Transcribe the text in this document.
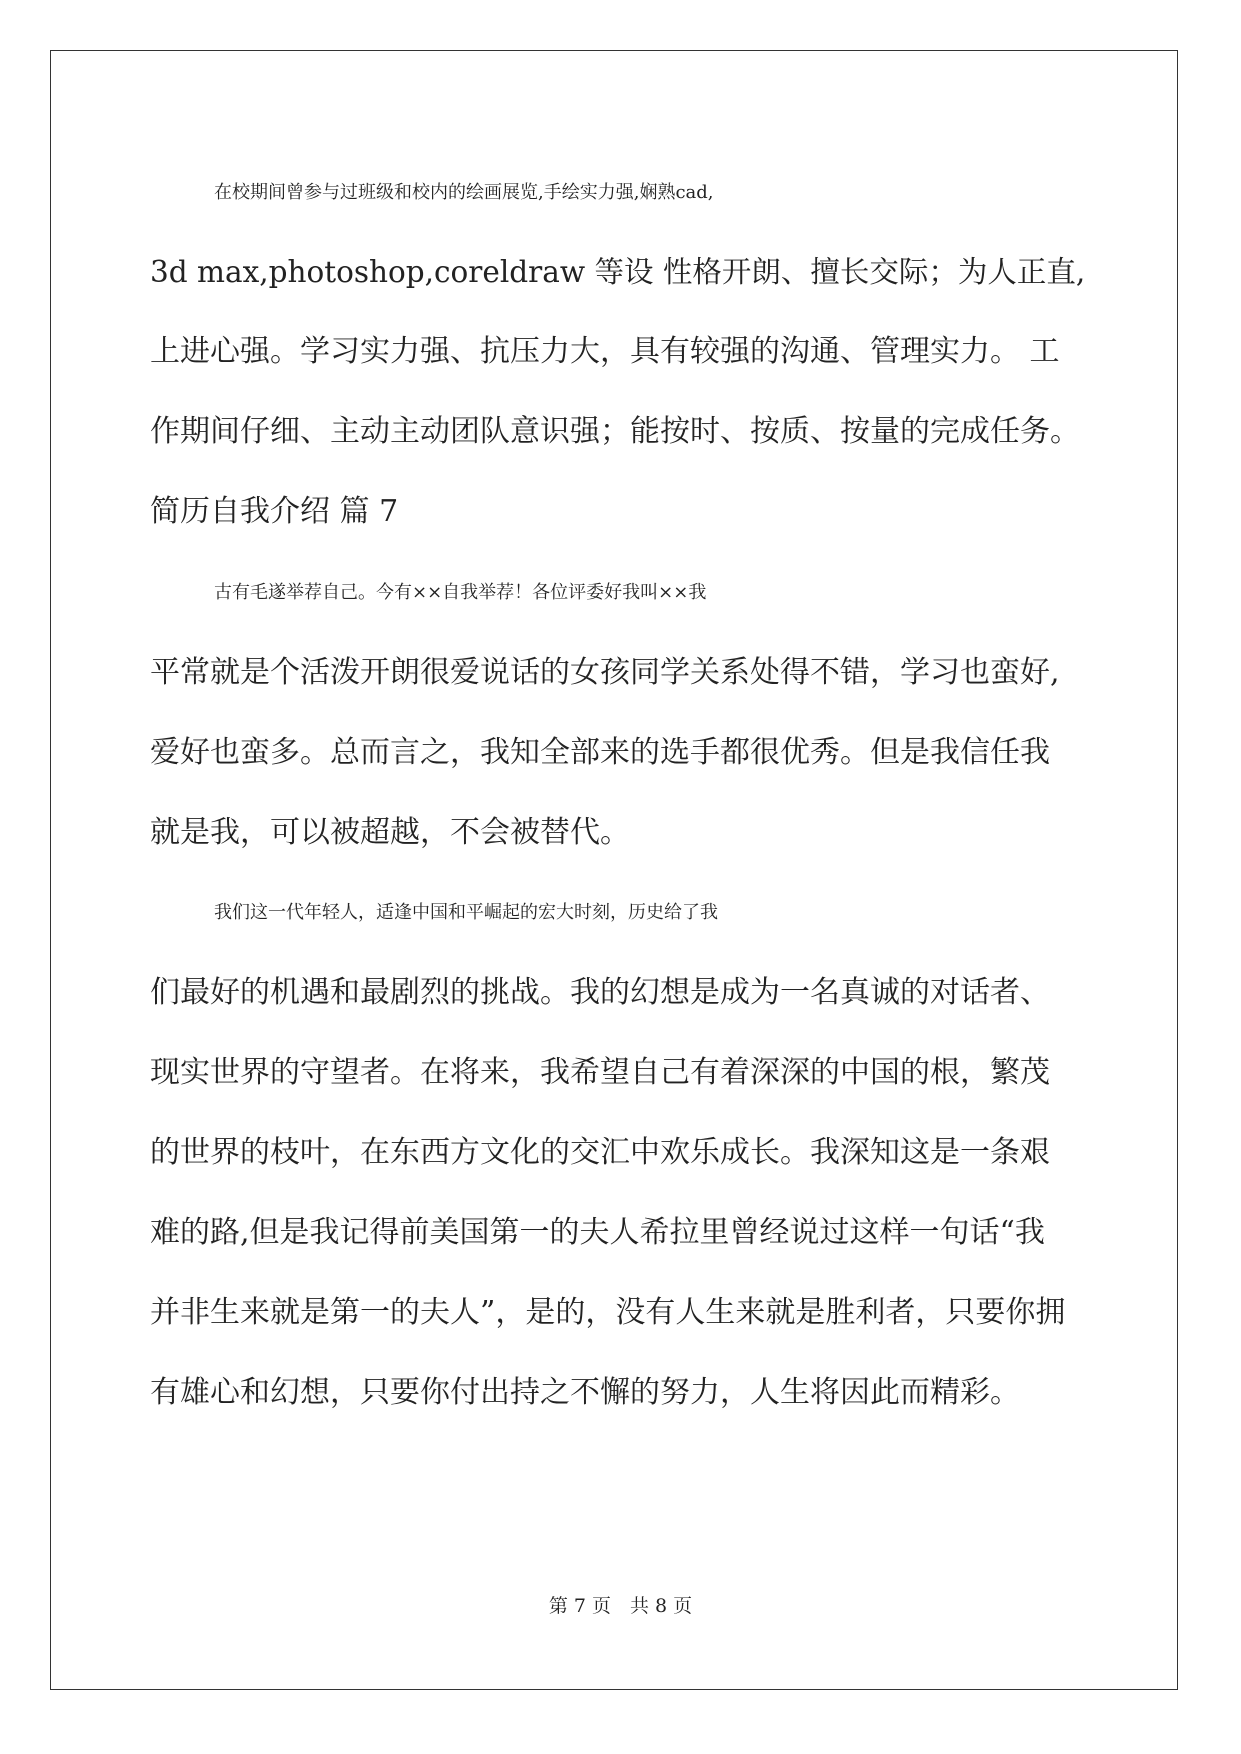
在校期间曾参与过班级和校内的绘画展览,手绘实力强,娴熟cad,
3d max,photoshop,coreldraw 等设 性格开朗、擅长交际；为人正直,
上进心强。学习实力强、抗压力大，具有较强的沟通、管理实力。 工
作期间仔细、主动主动团队意识强；能按时、按质、按量的完成任务。
简历自我介绍 篇 7
古有毛遂举荐自己。今有××自我举荐！各位评委好我叫××我
平常就是个活泼开朗很爱说话的女孩同学关系处得不错，学习也蛮好,
爱好也蛮多。总而言之，我知全部来的选手都很优秀。但是我信任我
就是我，可以被超越，不会被替代。
我们这一代年轻人，适逢中国和平崛起的宏大时刻，历史给了我
们最好的机遇和最剧烈的挑战。我的幻想是成为一名真诚的对话者、
现实世界的守望者。在将来，我希望自己有着深深的中国的根，繁茂
的世界的枝叶，在东西方文化的交汇中欢乐成长。我深知这是一条艰
难的路,但是我记得前美国第一的夫人希拉里曾经说过这样一句话“我
并非生来就是第一的夫人”，是的，没有人生来就是胜利者，只要你拥
有雄心和幻想，只要你付出持之不懈的努力，人生将因此而精彩。
第 7 页　共 8 页
